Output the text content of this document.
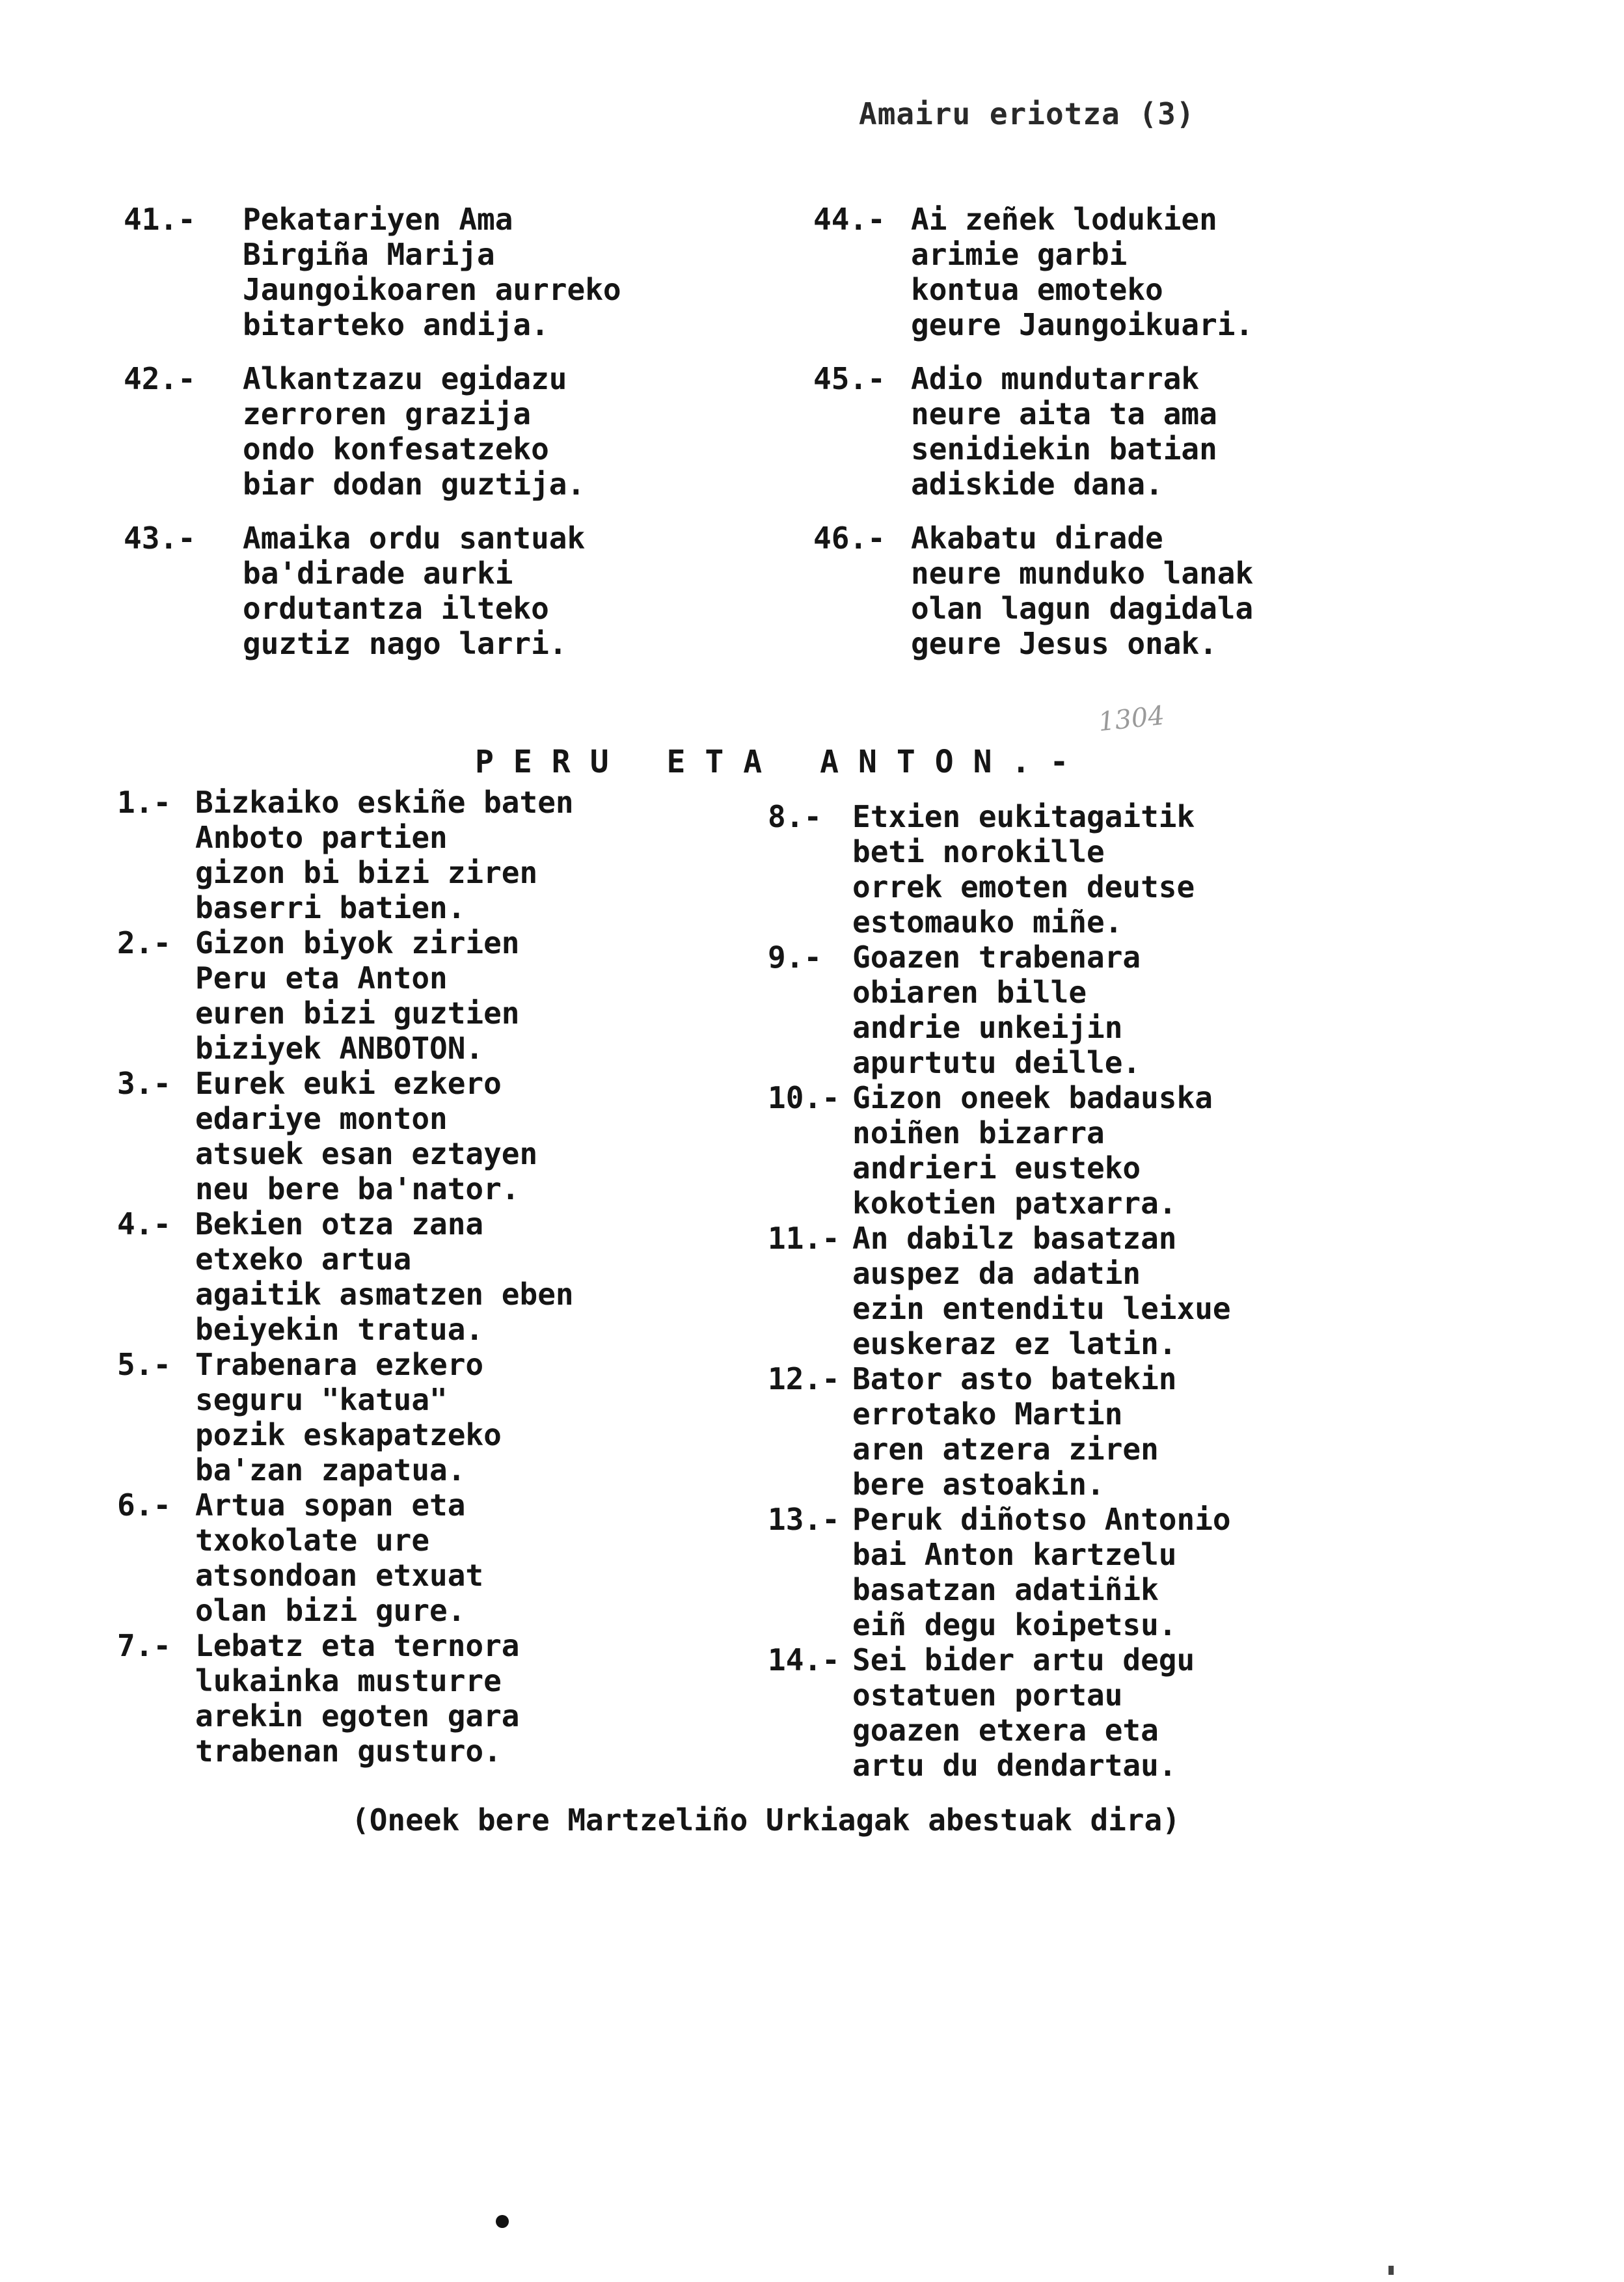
Amairu eriotza (3)
41.- Pekatariyen Ama
Birgiña Marija
Jaungoikoaren aurreko
bitarteko andija.
42.- Alkantzazu egidazu
zerroren grazija
ondo konfesatzeko
biar dodan guztija.
43.- Amaika ordu santuak
ba'dirade aurki
ordutantza ilteko
guztiz nago larri.
44.- Ai zeñek lodukien
arimie garbi
kontua emoteko
geure Jaungoikuari.
45.- Adio mundutarrak
neure aita ta ama
senidiekin batian
adiskide dana.
46.- Akabatu dirade
neure munduko lanak
olan lagun dagidala
geure Jesus onak.
PERU ETA ANTON.-
1304
1.- Bizkaiko eskiñe baten
Anboto partien
gizon bi bizi ziren
baserri batien.
2.- Gizon biyok zirien
Peru eta Anton
euren bizi guztien
biziyek ANBOTON.
3.- Eurek euki ezkero
edariye monton
atsuek esan eztayen
neu bere ba'nator.
4.- Bekien otza zana
etxeko artua
agaitik asmatzen eben
beiyekin tratua.
5.- Trabenara ezkero
seguru "katua"
pozik eskapatzeko
ba'zan zapatua.
6.- Artua sopan eta
txokolate ure
atsondoan etxuat
olan bizi gure.
7.- Lebatz eta ternora
lukainka musturre
arekin egoten gara
trabenan gusturo.
8.- Etxien eukitagaitik
beti norokille
orrek emoten deutse
estomauko miñe.
9.- Goazen trabenara
obiaren bille
andrie unkeijin
apurtutu deille.
10.- Gizon oneek badauska
noiñen bizarra
andrieri eusteko
kokotien patxarra.
11.- An dabilz basatzan
auspez da adatin
ezin entenditu leixue
euskeraz ez latin.
12.- Bator asto batekin
errotako Martin
aren atzera ziren
bere astoakin.
13.- Peruk diñotso Antonio
bai Anton kartzelu
basatzan adatiñik
eiñ degu koipetsu.
14.- Sei bider artu degu
ostatuen portau
goazen etxera eta
artu du dendartau.
(Oneek bere Martzeliño Urkiagak abestuak dira)
